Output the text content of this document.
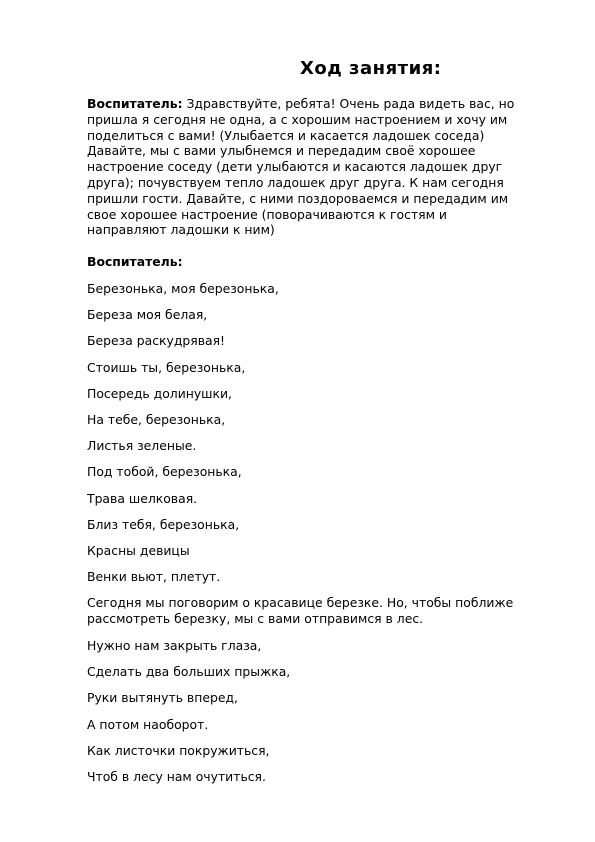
Ход занятия:

Воспитатель: Здравствуйте, ребята! Очень рада видеть вас, но пришла я сегодня не одна, а с хорошим настроением и хочу им поделиться с вами! (Улыбается и касается ладошек соседа) Давайте, мы с вами улыбнемся и передадим своё хорошее настроение соседу (дети улыбаются и касаются ладошек друг друга); почувствуем тепло ладошек друг друга. К нам сегодня пришли гости. Давайте, с ними поздороваемся и передадим им свое хорошее настроение (поворачиваются к гостям и направляют ладошки к ним)

Воспитатель:

Березонька, моя березонька,
Береза моя белая,
Береза раскудрявая!
Стоишь ты, березонька,
Посередь долинушки,
На тебе, березонька,
Листья зеленые.
Под тобой, березонька,
Трава шелковая.
Близ тебя, березонька,
Красны девицы
Венки вьют, плетут.

Сегодня мы поговорим о красавице березке. Но, чтобы поближе рассмотреть березку, мы с вами отправимся в лес.

Нужно нам закрыть глаза,
Сделать два больших прыжка,
Руки вытянуть вперед,
А потом наоборот.
Как листочки покружиться,
Чтоб в лесу нам очутиться.
